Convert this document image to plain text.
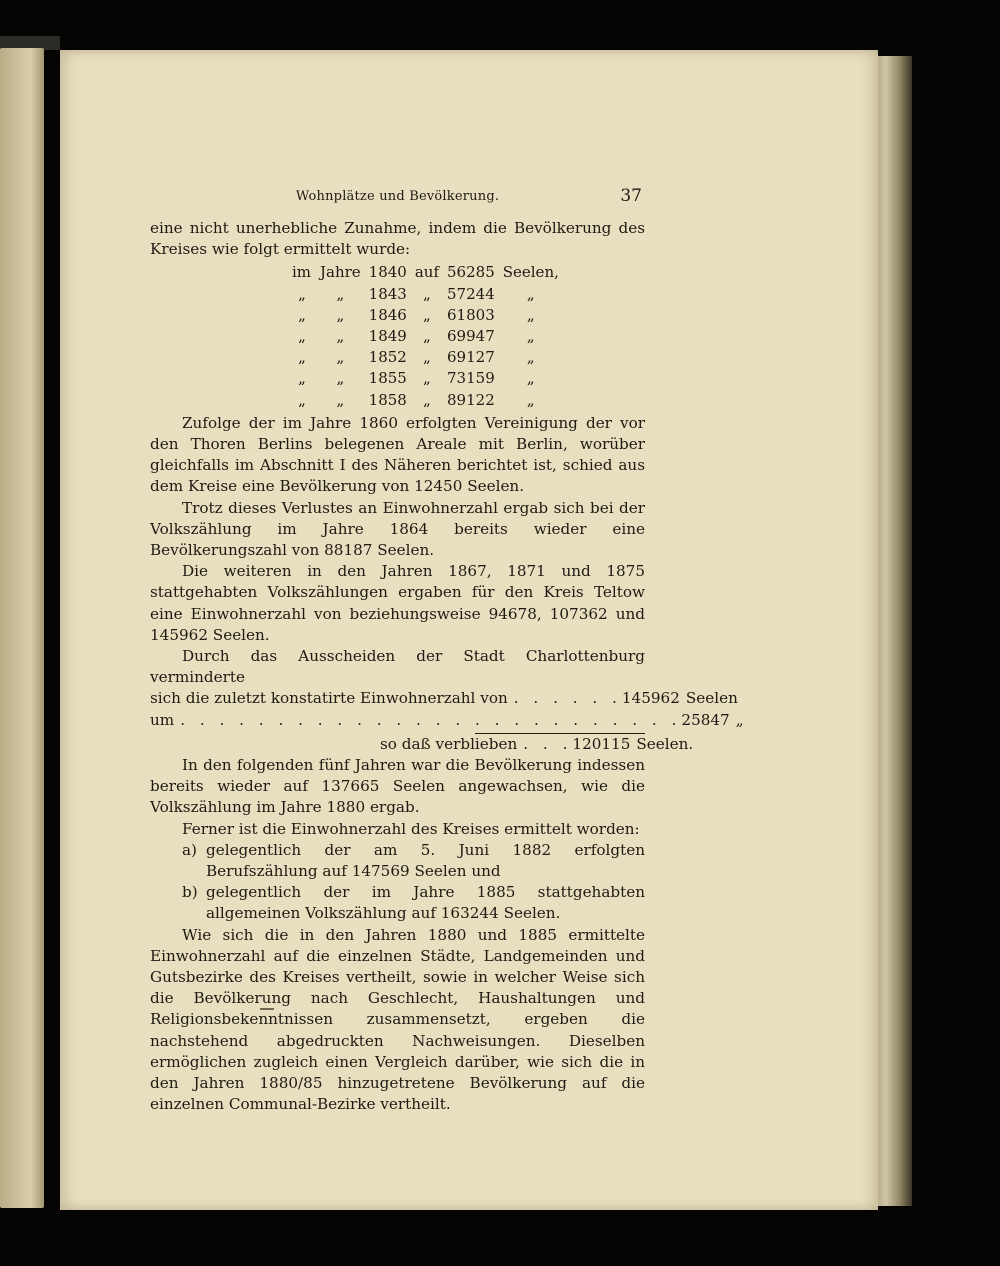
Wohnplätze und Bevölkerung.	37

eine nicht unerhebliche Zunahme, indem die Bevölkerung des Kreises wie folgt ermittelt wurde:

im	Jahre	1840	auf	56285	Seelen,
„	„	1843	„	57244	„
„	„	1846	„	61803	„
„	„	1849	„	69947	„
„	„	1852	„	69127	„
„	„	1855	„	73159	„
„	„	1858	„	89122	„

Zufolge der im Jahre 1860 erfolgten Vereinigung der vor den Thoren Berlins belegenen Areale mit Berlin, worüber gleichfalls im Abschnitt I des Näheren berichtet ist, schied aus dem Kreise eine Bevölkerung von 12450 Seelen.

Trotz dieses Verlustes an Einwohnerzahl ergab sich bei der Volkszählung im Jahre 1864 bereits wieder eine Bevölkerungszahl von 88187 Seelen.

Die weiteren in den Jahren 1867, 1871 und 1875 stattgehabten Volkszählungen ergaben für den Kreis Teltow eine Einwohnerzahl von beziehungsweise 94678, 107362 und 145962 Seelen.

Durch das Ausscheiden der Stadt Charlottenburg verminderte

sich die zuletzt konstatirte Einwohnerzahl von . . . . . . 145962 Seelen
um . . . . . . . . . . . . . . . . . . . . . . . . . . 25847 „
so daß verblieben . . . 120115 Seelen.

In den folgenden fünf Jahren war die Bevölkerung indessen bereits wieder auf 137665 Seelen angewachsen, wie die Volkszählung im Jahre 1880 ergab.

Ferner ist die Einwohnerzahl des Kreises ermittelt worden:

a) gelegentlich der am 5. Juni 1882 erfolgten Berufszählung auf 147569 Seelen und
b) gelegentlich der im Jahre 1885 stattgehabten allgemeinen Volkszählung auf 163244 Seelen.

Wie sich die in den Jahren 1880 und 1885 ermittelte Einwohnerzahl auf die einzelnen Städte, Landgemeinden und Gutsbezirke des Kreises vertheilt, sowie in welcher Weise sich die Bevölkerung nach Geschlecht, Haushaltungen und Religionsbekenntnissen zusammensetzt, ergeben die nachstehend abgedruckten Nachweisungen. Dieselben ermöglichen zugleich einen Vergleich darüber, wie sich die in den Jahren 1880/85 hinzugetretene Bevölkerung auf die einzelnen Communal-Bezirke vertheilt.
